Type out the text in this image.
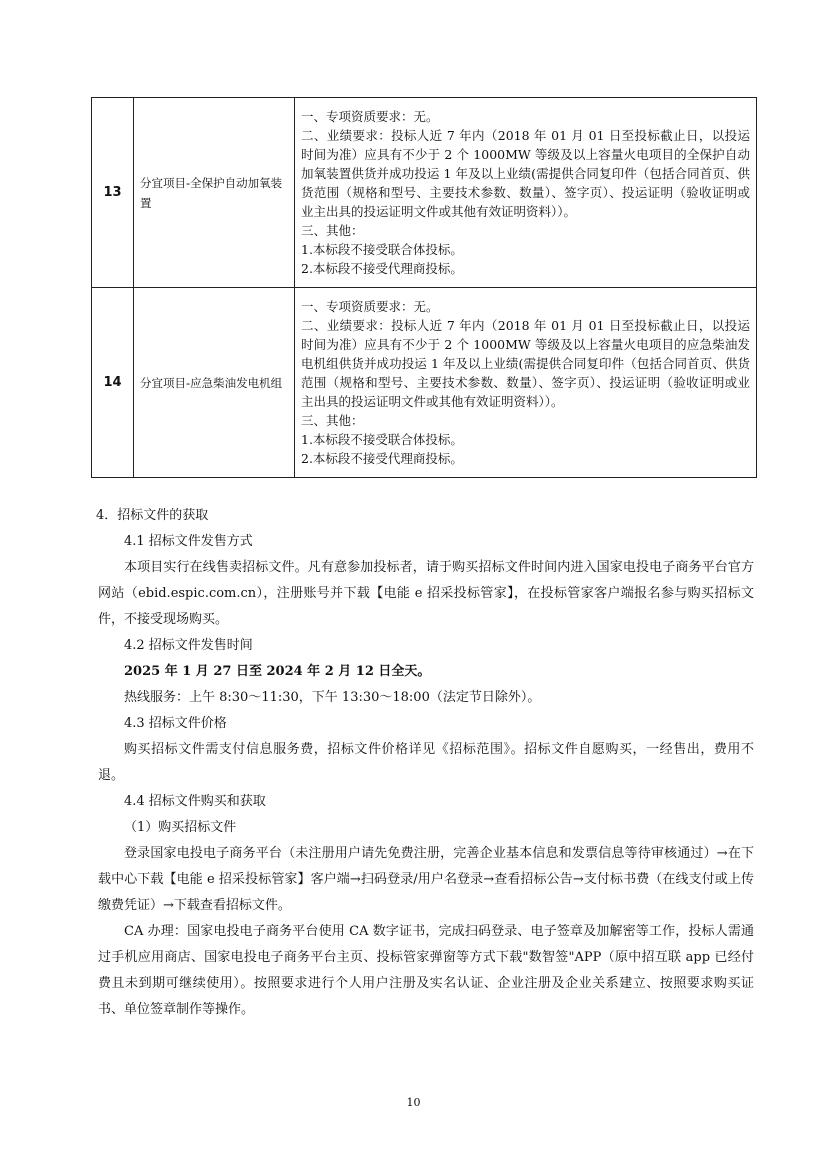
13	分宜项目-全保护自动加氧装置	一、专项资质要求：无。
二、业绩要求：投标人近 7 年内（2018 年 01 月 01 日至投标截止日，以投运时间为准）应具有不少于 2 个 1000MW 等级及以上容量火电项目的全保护自动加氧装置供货并成功投运 1 年及以上业绩(需提供合同复印件（包括合同首页、供货范围（规格和型号、主要技术参数、数量）、签字页）、投运证明（验收证明或业主出具的投运证明文件或其他有效证明资料））。
三、其他：
1.本标段不接受联合体投标。
2.本标段不接受代理商投标。

14	分宜项目-应急柴油发电机组	一、专项资质要求：无。
二、业绩要求：投标人近 7 年内（2018 年 01 月 01 日至投标截止日，以投运时间为准）应具有不少于 2 个 1000MW 等级及以上容量火电项目的应急柴油发电机组供货并成功投运 1 年及以上业绩(需提供合同复印件（包括合同首页、供货范围（规格和型号、主要技术参数、数量）、签字页）、投运证明（验收证明或业主出具的投运证明文件或其他有效证明资料））。
三、其他：
1.本标段不接受联合体投标。
2.本标段不接受代理商投标。

4．招标文件的获取

4.1 招标文件发售方式

本项目实行在线售卖招标文件。凡有意参加投标者，请于购买招标文件时间内进入国家电投电子商务平台官方网站（ebid.espic.com.cn），注册账号并下载【电能 e 招采投标管家】，在投标管家客户端报名参与购买招标文件，不接受现场购买。

4.2 招标文件发售时间

2025 年 1 月 27 日至 2024 年 2 月 12 日全天。

热线服务：上午 8:30～11:30，下午 13:30～18:00（法定节日除外）。

4.3 招标文件价格

购买招标文件需支付信息服务费，招标文件价格详见《招标范围》。招标文件自愿购买，一经售出，费用不退。

4.4 招标文件购买和获取

（1）购买招标文件

登录国家电投电子商务平台（未注册用户请先免费注册，完善企业基本信息和发票信息等待审核通过）→在下载中心下载【电能 e 招采投标管家】客户端→扫码登录/用户名登录→查看招标公告→支付标书费（在线支付或上传缴费凭证）→下载查看招标文件。

CA 办理：国家电投电子商务平台使用 CA 数字证书，完成扫码登录、电子签章及加解密等工作，投标人需通过手机应用商店、国家电投电子商务平台主页、投标管家弹窗等方式下载"数智签"APP（原中招互联 app 已经付费且未到期可继续使用）。按照要求进行个人用户注册及实名认证、企业注册及企业关系建立、按照要求购买证书、单位签章制作等操作。

10
